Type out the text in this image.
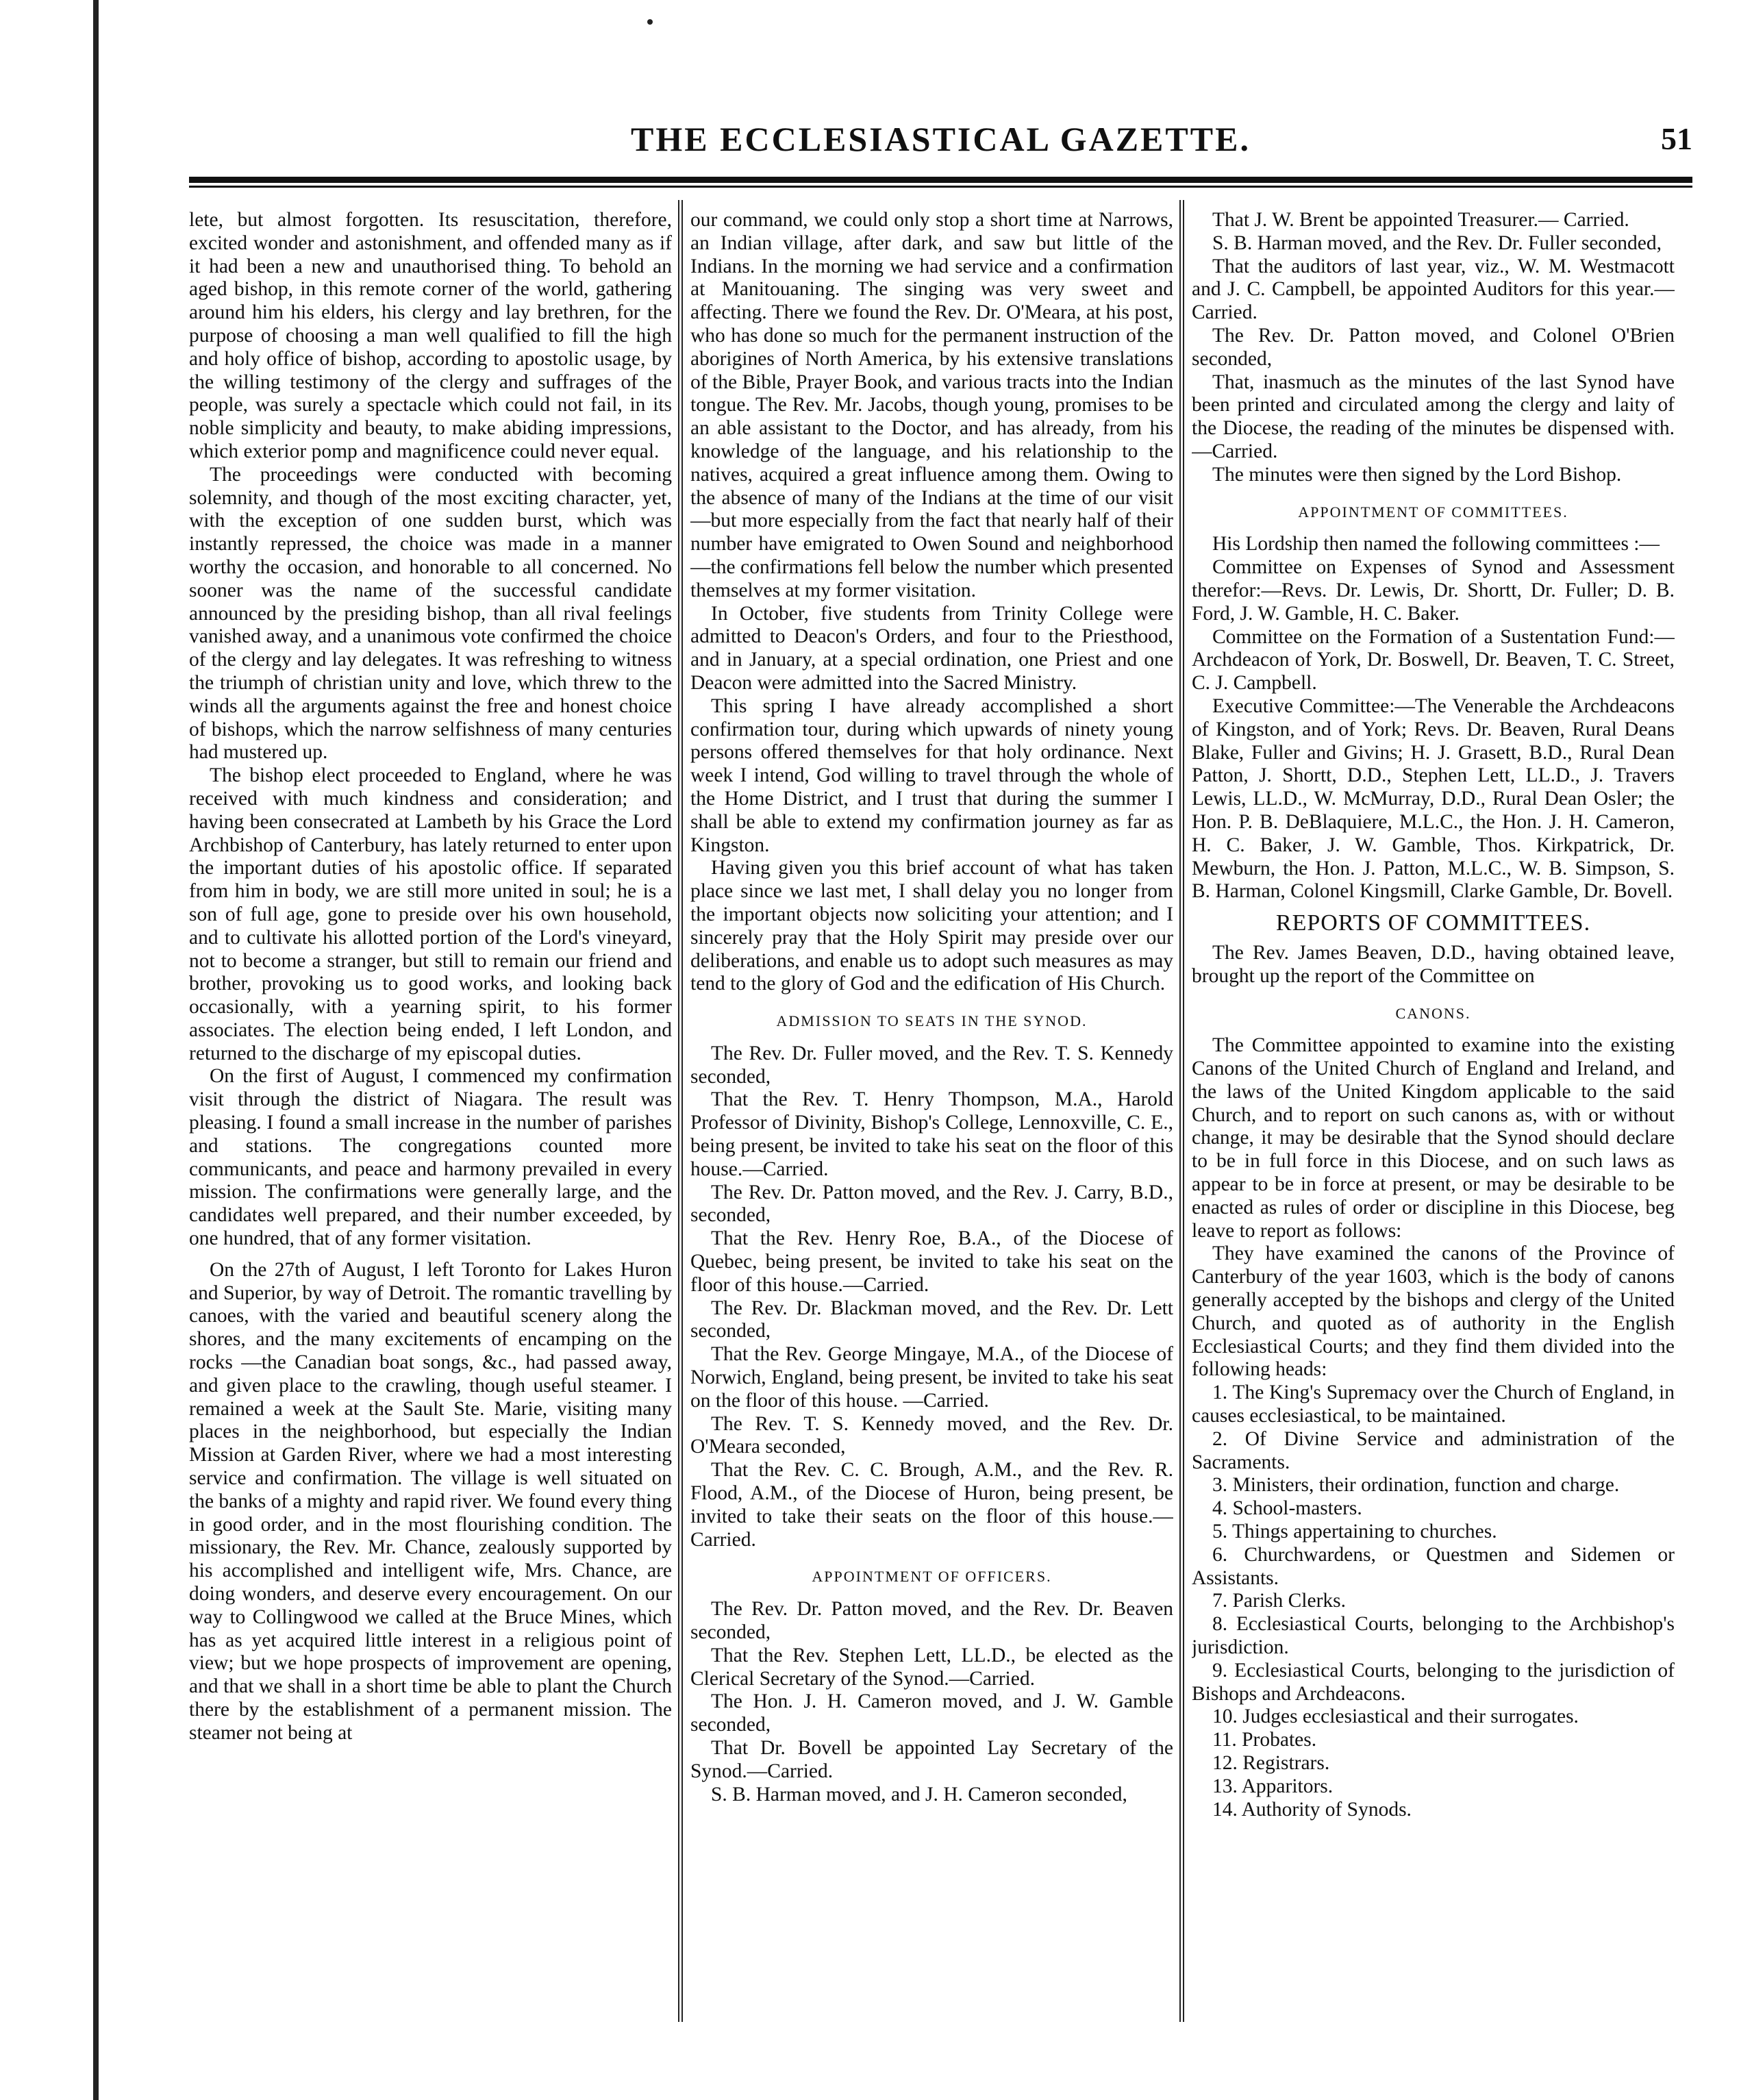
THE ECCLESIASTICAL GAZETTE.	51

lete, but almost forgotten. Its resuscitation, therefore, excited wonder and astonishment, and offended many as if it had been a new and unauthorised thing. To behold an aged bishop, in this remote corner of the world, gathering around him his elders, his clergy and lay brethren, for the purpose of choosing a man well qualified to fill the high and holy office of bishop, according to apostolic usage, by the willing testimony of the clergy and suffrages of the people, was surely a spectacle which could not fail, in its noble simplicity and beauty, to make abiding impressions, which exterior pomp and magnificence could never equal.

The proceedings were conducted with becoming solemnity, and though of the most exciting character, yet, with the exception of one sudden burst, which was instantly repressed, the choice was made in a manner worthy the occasion, and honorable to all concerned. No sooner was the name of the successful candidate announced by the presiding bishop, than all rival feelings vanished away, and a unanimous vote confirmed the choice of the clergy and lay delegates. It was refreshing to witness the triumph of christian unity and love, which threw to the winds all the arguments against the free and honest choice of bishops, which the narrow selfishness of many centuries had mustered up.

The bishop elect proceeded to England, where he was received with much kindness and consideration; and having been consecrated at Lambeth by his Grace the Lord Archbishop of Canterbury, has lately returned to enter upon the important duties of his apostolic office. If separated from him in body, we are still more united in soul; he is a son of full age, gone to preside over his own household, and to cultivate his allotted portion of the Lord's vineyard, not to become a stranger, but still to remain our friend and brother, provoking us to good works, and looking back occasionally, with a yearning spirit, to his former associates. The election being ended, I left London, and returned to the discharge of my episcopal duties.

On the first of August, I commenced my confirmation visit through the district of Niagara. The result was pleasing. I found a small increase in the number of parishes and stations. The congregations counted more communicants, and peace and harmony prevailed in every mission. The confirmations were generally large, and the candidates well prepared, and their number exceeded, by one hundred, that of any former visitation.

On the 27th of August, I left Toronto for Lakes Huron and Superior, by way of Detroit. The romantic travelling by canoes, with the varied and beautiful scenery along the shores, and the many excitements of encamping on the rocks —the Canadian boat songs, &c., had passed away, and given place to the crawling, though useful steamer. I remained a week at the Sault Ste. Marie, visiting many places in the neighborhood, but especially the Indian Mission at Garden River, where we had a most interesting service and confirmation. The village is well situated on the banks of a mighty and rapid river. We found every thing in good order, and in the most flourishing condition. The missionary, the Rev. Mr. Chance, zealously supported by his accomplished and intelligent wife, Mrs. Chance, are doing wonders, and deserve every encouragement. On our way to Collingwood we called at the Bruce Mines, which has as yet acquired little interest in a religious point of view; but we hope prospects of improvement are opening, and that we shall in a short time be able to plant the Church there by the establishment of a permanent mission. The steamer not being at

our command, we could only stop a short time at Narrows, an Indian village, after dark, and saw but little of the Indians. In the morning we had service and a confirmation at Manitouaning. The singing was very sweet and affecting. There we found the Rev. Dr. O'Meara, at his post, who has done so much for the permanent instruction of the aborigines of North America, by his extensive translations of the Bible, Prayer Book, and various tracts into the Indian tongue. The Rev. Mr. Jacobs, though young, promises to be an able assistant to the Doctor, and has already, from his knowledge of the language, and his relationship to the natives, acquired a great influence among them. Owing to the absence of many of the Indians at the time of our visit—but more especially from the fact that nearly half of their number have emigrated to Owen Sound and neighborhood—the confirmations fell below the number which presented themselves at my former visitation.

In October, five students from Trinity College were admitted to Deacon's Orders, and four to the Priesthood, and in January, at a special ordination, one Priest and one Deacon were admitted into the Sacred Ministry.

This spring I have already accomplished a short confirmation tour, during which upwards of ninety young persons offered themselves for that holy ordinance. Next week I intend, God willing to travel through the whole of the Home District, and I trust that during the summer I shall be able to extend my confirmation journey as far as Kingston.

Having given you this brief account of what has taken place since we last met, I shall delay you no longer from the important objects now soliciting your attention; and I sincerely pray that the Holy Spirit may preside over our deliberations, and enable us to adopt such measures as may tend to the glory of God and the edification of His Church.

ADMISSION TO SEATS IN THE SYNOD.

The Rev. Dr. Fuller moved, and the Rev. T. S. Kennedy seconded,

That the Rev. T. Henry Thompson, M.A., Harold Professor of Divinity, Bishop's College, Lennoxville, C. E., being present, be invited to take his seat on the floor of this house.—Carried.

The Rev. Dr. Patton moved, and the Rev. J. Carry, B.D., seconded,

That the Rev. Henry Roe, B.A., of the Diocese of Quebec, being present, be invited to take his seat on the floor of this house.—Carried.

The Rev. Dr. Blackman moved, and the Rev. Dr. Lett seconded,

That the Rev. George Mingaye, M.A., of the Diocese of Norwich, England, being present, be invited to take his seat on the floor of this house. —Carried.

The Rev. T. S. Kennedy moved, and the Rev. Dr. O'Meara seconded,

That the Rev. C. C. Brough, A.M., and the Rev. R. Flood, A.M., of the Diocese of Huron, being present, be invited to take their seats on the floor of this house.—Carried.

APPOINTMENT OF OFFICERS.

The Rev. Dr. Patton moved, and the Rev. Dr. Beaven seconded,

That the Rev. Stephen Lett, LL.D., be elected as the Clerical Secretary of the Synod.—Carried.

The Hon. J. H. Cameron moved, and J. W. Gamble seconded,

That Dr. Bovell be appointed Lay Secretary of the Synod.—Carried.

S. B. Harman moved, and J. H. Cameron seconded,

That J. W. Brent be appointed Treasurer.— Carried.

S. B. Harman moved, and the Rev. Dr. Fuller seconded,

That the auditors of last year, viz., W. M. Westmacott and J. C. Campbell, be appointed Auditors for this year.—Carried.

The Rev. Dr. Patton moved, and Colonel O'Brien seconded,

That, inasmuch as the minutes of the last Synod have been printed and circulated among the clergy and laity of the Diocese, the reading of the minutes be dispensed with.—Carried.

The minutes were then signed by the Lord Bishop.

APPOINTMENT OF COMMITTEES.

His Lordship then named the following committees :—

Committee on Expenses of Synod and Assessment therefor:—Revs. Dr. Lewis, Dr. Shortt, Dr. Fuller; D. B. Ford, J. W. Gamble, H. C. Baker.

Committee on the Formation of a Sustentation Fund:—Archdeacon of York, Dr. Boswell, Dr. Beaven, T. C. Street, C. J. Campbell.

Executive Committee:—The Venerable the Archdeacons of Kingston, and of York; Revs. Dr. Beaven, Rural Deans Blake, Fuller and Givins; H. J. Grasett, B.D., Rural Dean Patton, J. Shortt, D.D., Stephen Lett, LL.D., J. Travers Lewis, LL.D., W. McMurray, D.D., Rural Dean Osler; the Hon. P. B. DeBlaquiere, M.L.C., the Hon. J. H. Cameron, H. C. Baker, J. W. Gamble, Thos. Kirkpatrick, Dr. Mewburn, the Hon. J. Patton, M.L.C., W. B. Simpson, S. B. Harman, Colonel Kingsmill, Clarke Gamble, Dr. Bovell.

REPORTS OF COMMITTEES.

The Rev. James Beaven, D.D., having obtained leave, brought up the report of the Committee on

CANONS.

The Committee appointed to examine into the existing Canons of the United Church of England and Ireland, and the laws of the United Kingdom applicable to the said Church, and to report on such canons as, with or without change, it may be desirable that the Synod should declare to be in full force in this Diocese, and on such laws as appear to be in force at present, or may be desirable to be enacted as rules of order or discipline in this Diocese, beg leave to report as follows:

They have examined the canons of the Province of Canterbury of the year 1603, which is the body of canons generally accepted by the bishops and clergy of the United Church, and quoted as of authority in the English Ecclesiastical Courts; and they find them divided into the following heads:

1. The King's Supremacy over the Church of England, in causes ecclesiastical, to be maintained.

2. Of Divine Service and administration of the Sacraments.

3. Ministers, their ordination, function and charge.

4. School-masters.

5. Things appertaining to churches.

6. Churchwardens, or Questmen and Sidemen or Assistants.

7. Parish Clerks.

8. Ecclesiastical Courts, belonging to the Archbishop's jurisdiction.

9. Ecclesiastical Courts, belonging to the jurisdiction of Bishops and Archdeacons.

10. Judges ecclesiastical and their surrogates.

11. Probates.

12. Registrars.

13. Apparitors.

14. Authority of Synods.
